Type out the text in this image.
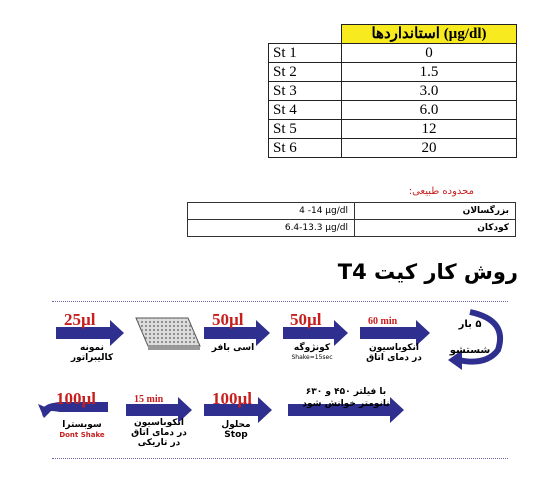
	استانداردها (µg/dl)
St 1	0
St 2	1.5
St 3	3.0
St 4	6.0
St 5	12
St 6	20
محدوده طبیعی:
4 -14 µg/dl	بزرگسالان
6.4-13.3 µg/dl	کودکان
روش کار کیت T4
25µl
نمونه
کالیبراتور
50µl
اسی بافر
50µl
کونژوگه
Shake=15sec
60 min
انکوباسیون
در دمای اتاق
۵ بار
شستشو
100µl
سوبسترا
Dont Shake
15 min
انکوباسیون
در دمای اتاق
در تاریکی
100µl
محلول
Stop
با فیلتر ۴۵۰ و ۶۳۰
نانومتر خوانش شود
